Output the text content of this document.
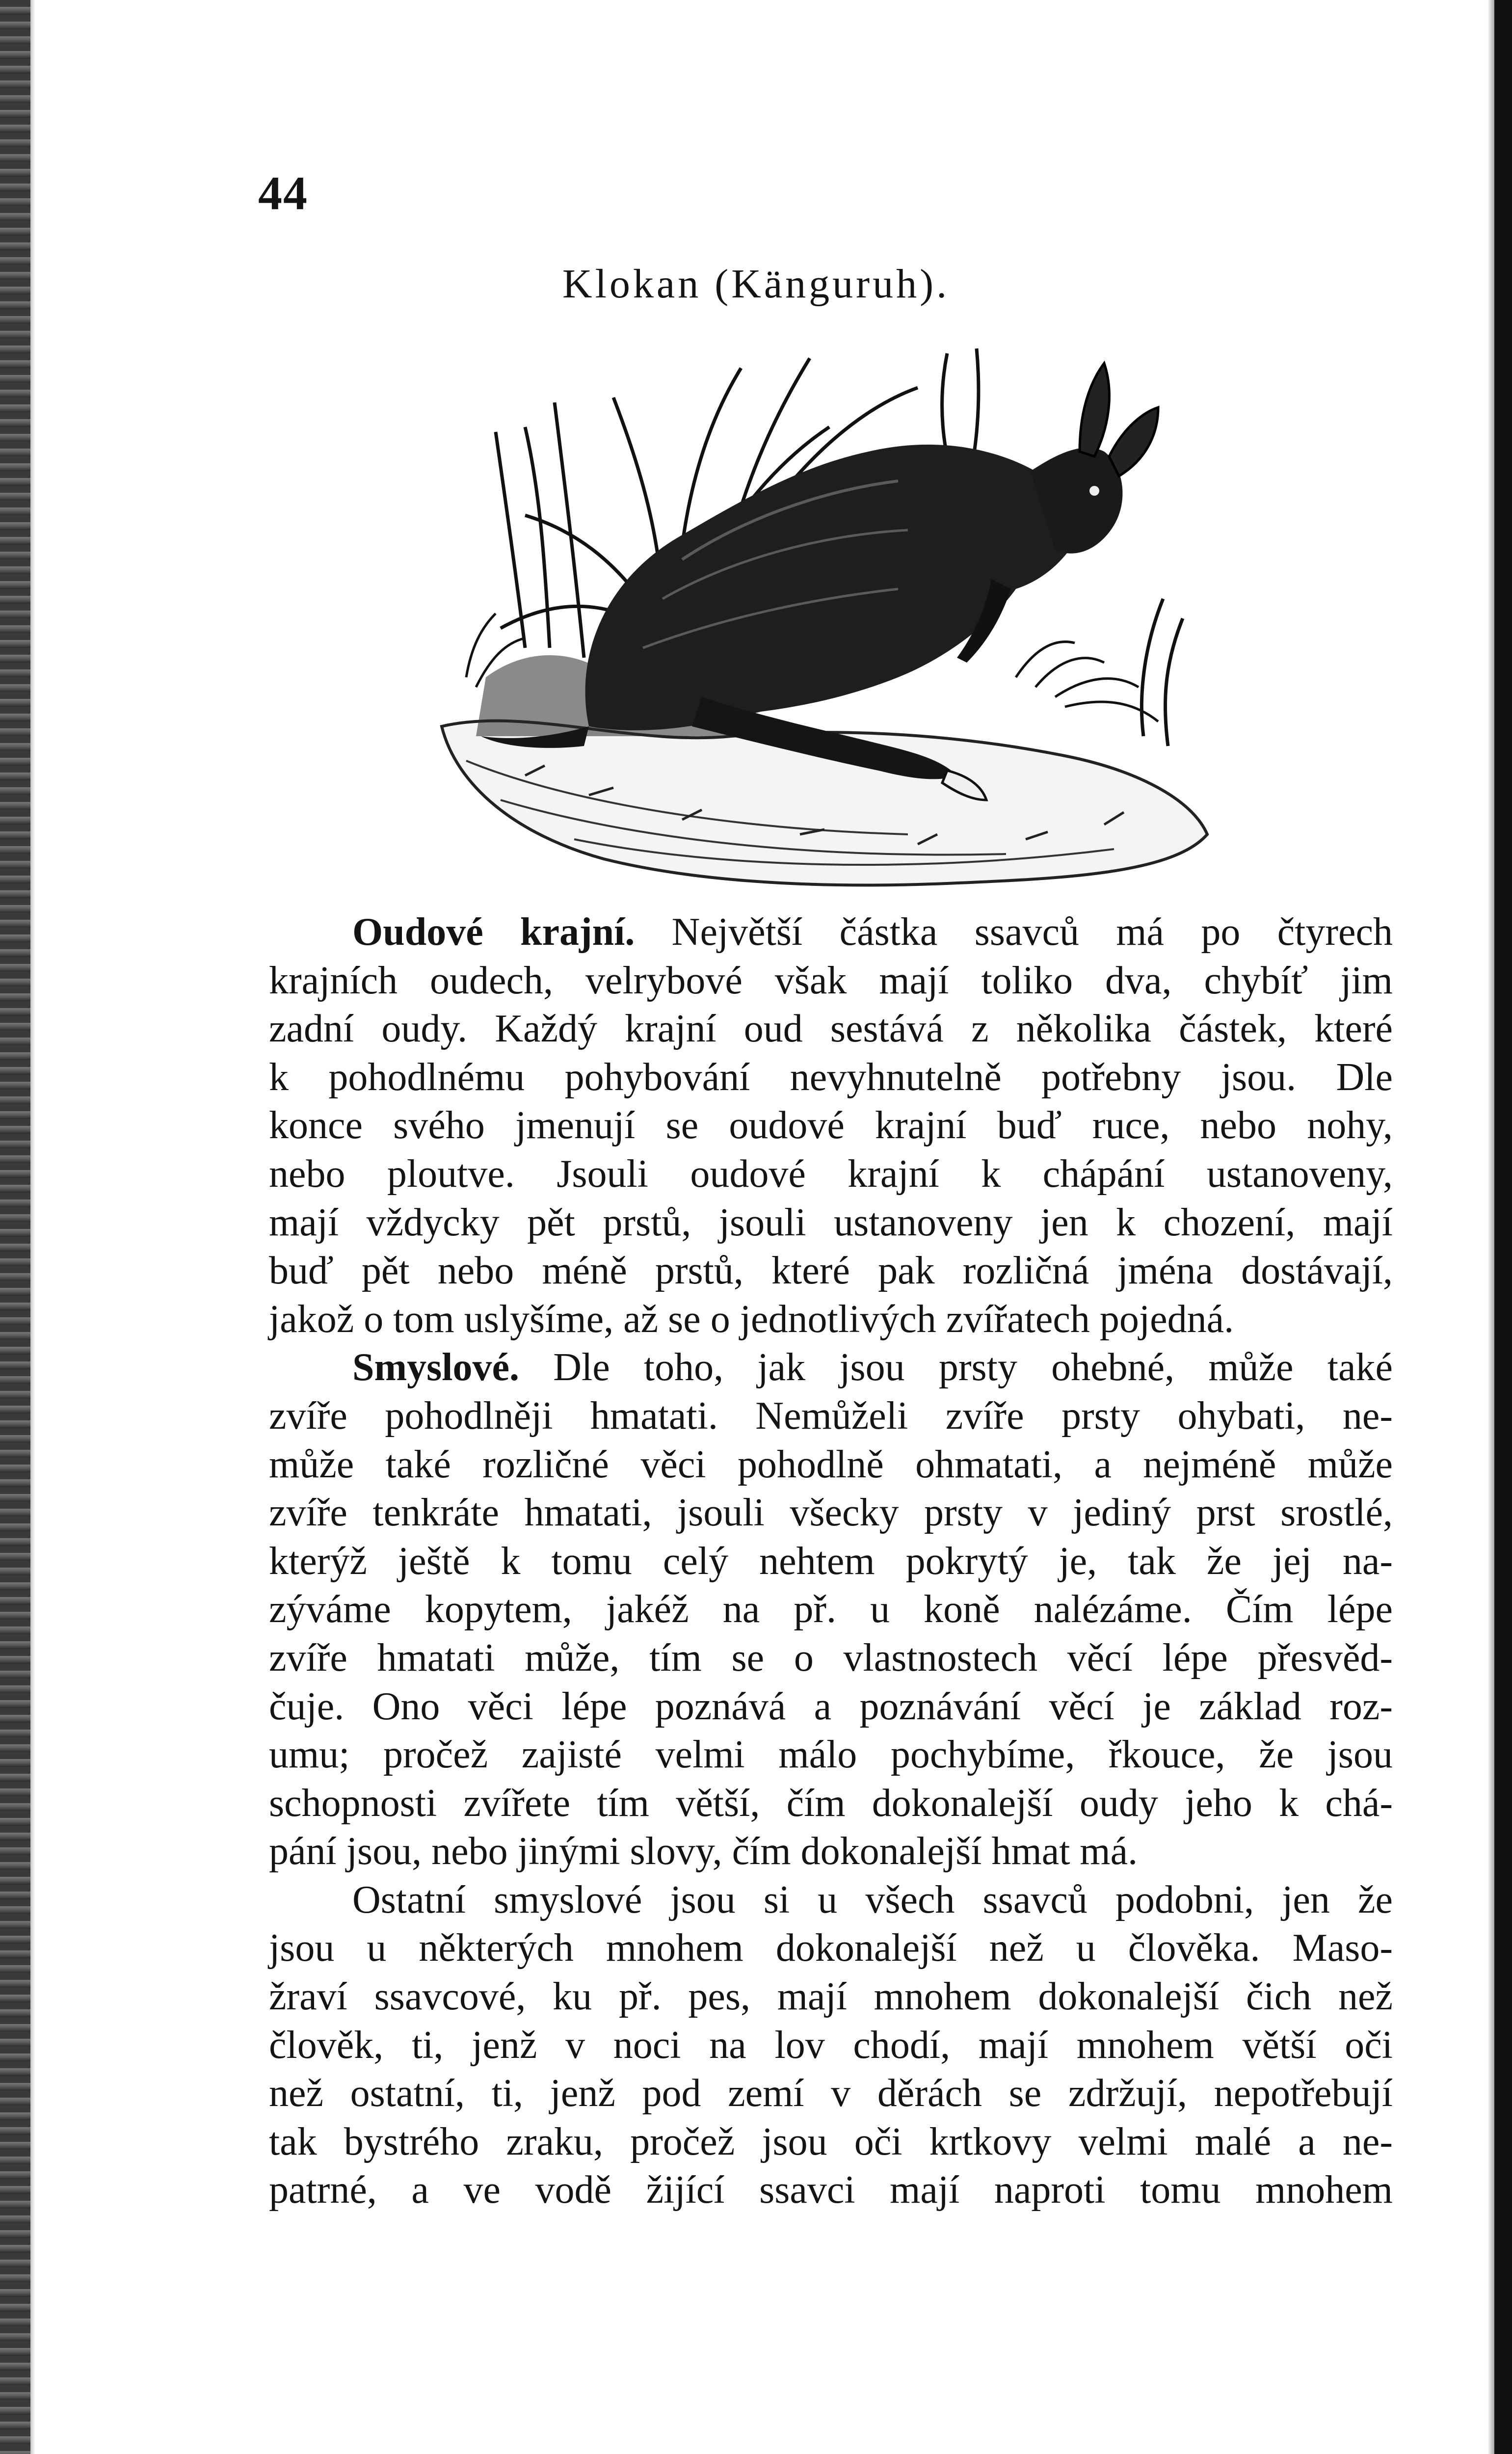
44
Klokan (Känguruh).

Oudové krajní. Největší částka ssavců má po čtyrech
krajních oudech, velrybové však mají toliko dva, chybíť jim
zadní oudy. Každý krajní oud sestává z několika částek, které
k pohodlnému pohybování nevyhnutelně potřebny jsou. Dle
konce svého jmenují se oudové krajní buď ruce, nebo nohy,
nebo ploutve. Jsouli oudové krajní k chápání ustanoveny,
mají vždycky pět prstů, jsouli ustanoveny jen k chození, mají
buď pět nebo méně prstů, které pak rozličná jména dostávají,
jakož o tom uslyšíme, až se o jednotlivých zvířatech pojedná.

Smyslové. Dle toho, jak jsou prsty ohebné, může také
zvíře pohodlněji hmatati. Nemůželi zvíře prsty ohybati, ne-
může také rozličné věci pohodlně ohmatati, a nejméně může
zvíře tenkráte hmatati, jsouli všecky prsty v jediný prst srostlé,
kterýž ještě k tomu celý nehtem pokrytý je, tak že jej na-
zýváme kopytem, jakéž na př. u koně nalézáme. Čím lépe
zvíře hmatati může, tím se o vlastnostech věcí lépe přesvěd-
čuje. Ono věci lépe poznává a poznávání věcí je základ roz-
umu; pročež zajisté velmi málo pochybíme, řkouce, že jsou
schopnosti zvířete tím větší, čím dokonalejší oudy jeho k chá-
pání jsou, nebo jinými slovy, čím dokonalejší hmat má.

Ostatní smyslové jsou si u všech ssavců podobni, jen že
jsou u některých mnohem dokonalejší než u člověka. Maso-
žraví ssavcové, ku př. pes, mají mnohem dokonalejší čich než
člověk, ti, jenž v noci na lov chodí, mají mnohem větší oči
než ostatní, ti, jenž pod zemí v děrách se zdržují, nepotřebují
tak bystrého zraku, pročež jsou oči krtkovy velmi malé a ne-
patrné, a ve vodě žijící ssavci mají naproti tomu mnohem
